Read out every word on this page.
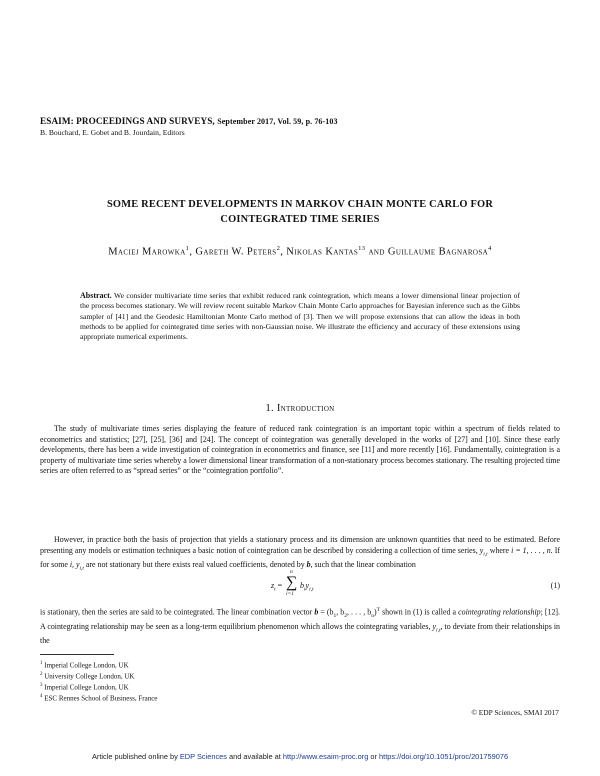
ESAIM: PROCEEDINGS AND SURVEYS, September 2017, Vol. 59, p. 76-103
B. Bouchard, E. Gobet and B. Jourdain, Editors
SOME RECENT DEVELOPMENTS IN MARKOV CHAIN MONTE CARLO FOR
COINTEGRATED TIME SERIES
Maciej Marowka$^1$, Gareth W. Peters$^2$, Nikolas Kantas$^{13}$ and Guillaume Bagnarosa$^4$
Abstract. We consider multivariate time series that exhibit reduced rank cointegration, which means a lower dimensional linear projection of the process becomes stationary. We will review recent suitable Markov Chain Monte Carlo approaches for Bayesian inference such as the Gibbs sampler of [41] and the Geodesic Hamiltonian Monte Carlo method of [3]. Then we will propose extensions that can allow the ideas in both methods to be applied for cointegrated time series with non-Gaussian noise. We illustrate the efficiency and accuracy of these extensions using appropriate numerical experiments.
1. Introduction
The study of multivariate times series displaying the feature of reduced rank cointegration is an important topic within a spectrum of fields related to econometrics and statistics; [27], [25], [36] and [24]. The concept of cointegration was generally developed in the works of [27] and [10]. Since these early developments, there has been a wide investigation of cointegration in econometrics and finance, see [11] and more recently [16]. Fundamentally, cointegration is a property of multivariate time series whereby a lower dimensional linear transformation of a non-stationary process becomes stationary. The resulting projected time series are often referred to as “spread series” or the “cointegration portfolio”.
However, in practice both the basis of projection that yields a stationary process and its dimension are unknown quantities that need to be estimated. Before presenting any models or estimation techniques a basic notion of cointegration can be described by considering a collection of time series, $y_{i,t}$ where i = 1, . . . , n. If for some i, $y_{i,t}$ are not stationary but there exists real valued coefficients, denoted by b, such that the linear combination
$z_t$ =
n
∑
i=1
$b_iy_{i,t}$	(1)
is stationary, then the series are said to be cointegrated. The linear combination vector $b = (b_1$, $b_2$, . . . , $b_n)^T$ shown in (1) is called a cointegrating relationship; [12]. A cointegrating relationship may be seen as a long-term equilibrium phenomenon which allows the cointegrating variables, $y_{i,t}$, to deviate from their relationships in the
$^1$ Imperial College London, UK
$^2$ University College London, UK
$^3$ Imperial College London, UK
$^4$ ESC Rennes School of Business, France
© EDP Sciences, SMAI 2017
Article published online by EDP Sciences and available at http://www.esaim-proc.org or https://doi.org/10.1051/proc/201759076
